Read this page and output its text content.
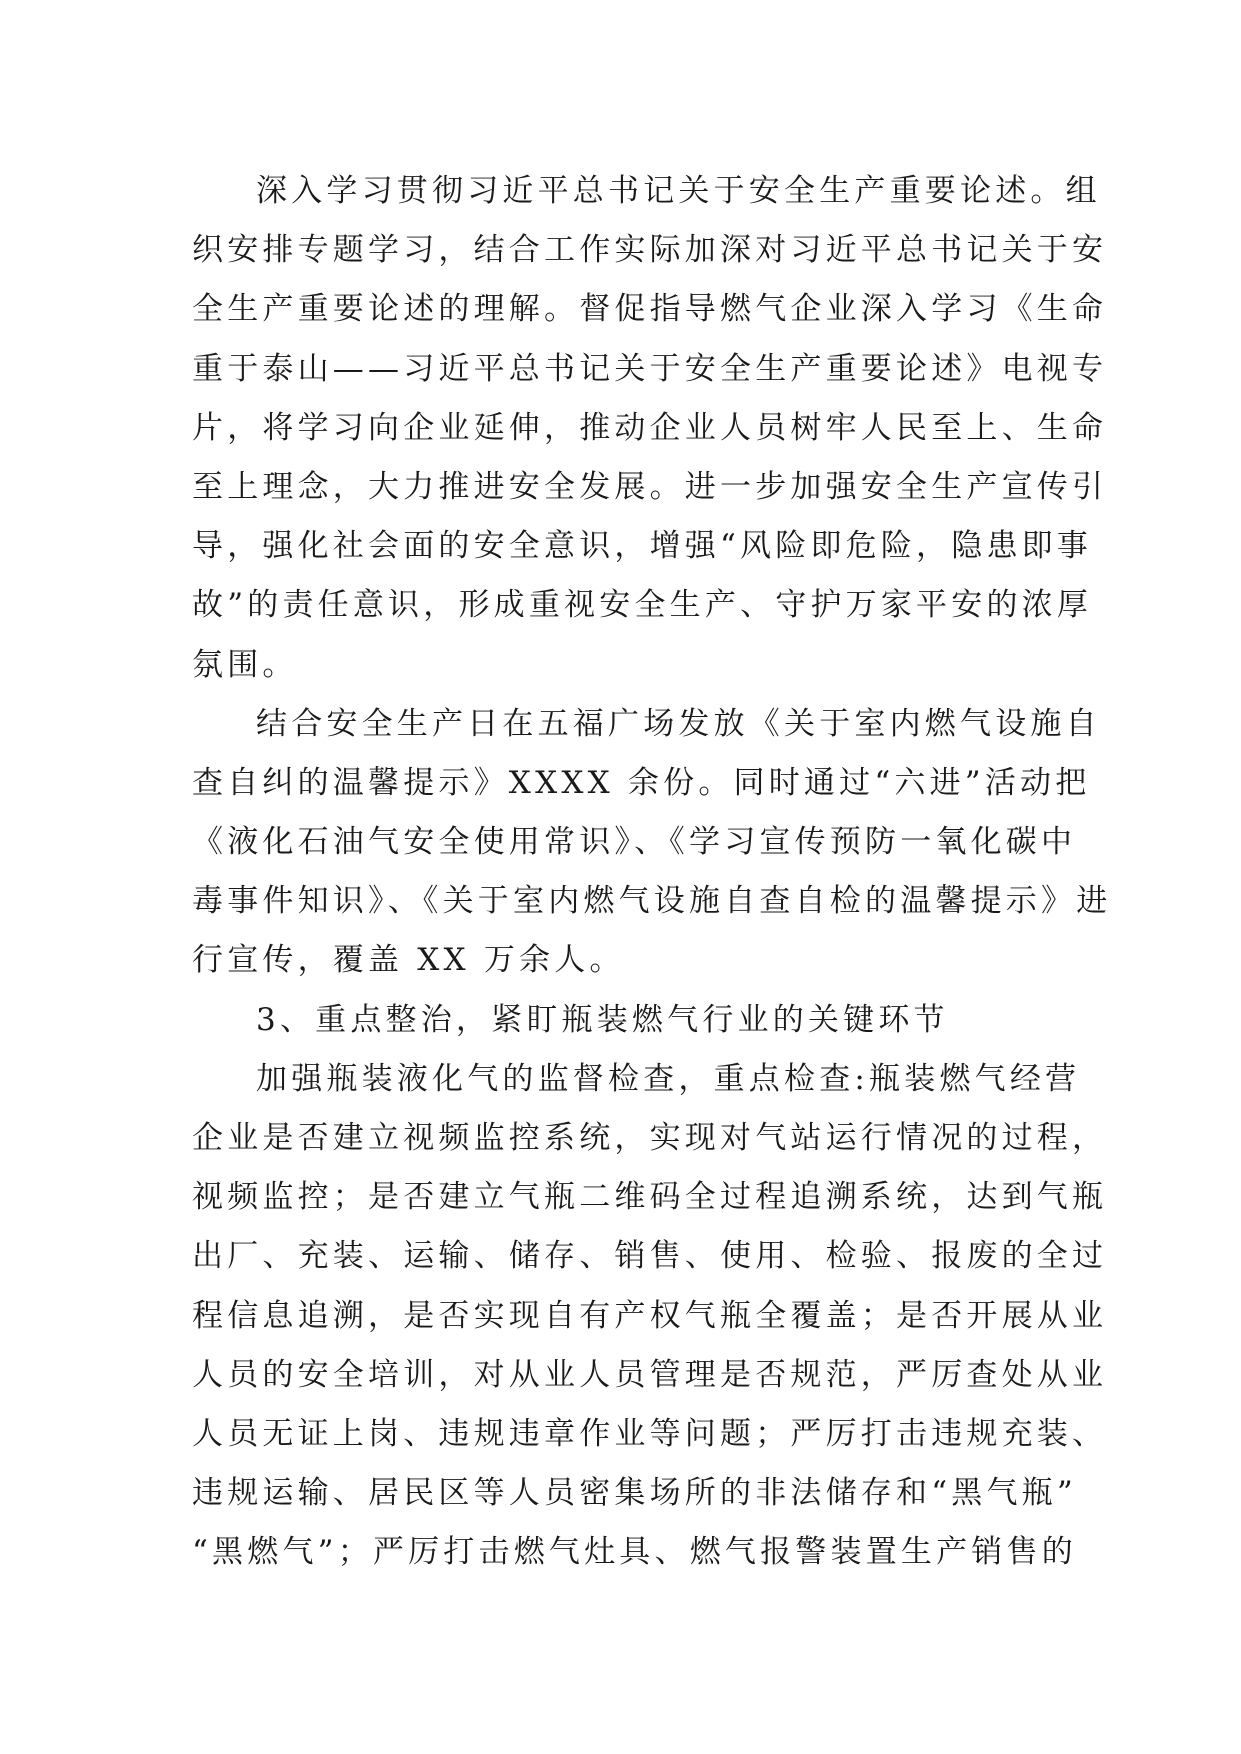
深入学习贯彻习近平总书记关于安全生产重要论述。组
织安排专题学习，结合工作实际加深对习近平总书记关于安
全生产重要论述的理解。督促指导燃气企业深入学习《生命
重于泰山——习近平总书记关于安全生产重要论述》电视专
片，将学习向企业延伸，推动企业人员树牢人民至上、生命
至上理念，大力推进安全发展。进一步加强安全生产宣传引
导，强化社会面的安全意识，增强“风险即危险，隐患即事
故”的责任意识，形成重视安全生产、守护万家平安的浓厚
氛围。
结合安全生产日在五福广场发放《关于室内燃气设施自
查自纠的温馨提示》XXXX 余份。同时通过“六进”活动把
《液化石油气安全使用常识》、《学习宣传预防一氧化碳中
毒事件知识》、《关于室内燃气设施自查自检的温馨提示》进
行宣传，覆盖 XX 万余人。
3、重点整治，紧盯瓶装燃气行业的关键环节
加强瓶装液化气的监督检查，重点检查:瓶装燃气经营
企业是否建立视频监控系统，实现对气站运行情况的过程，
视频监控；是否建立气瓶二维码全过程追溯系统，达到气瓶
出厂、充装、运输、储存、销售、使用、检验、报废的全过
程信息追溯，是否实现自有产权气瓶全覆盖；是否开展从业
人员的安全培训，对从业人员管理是否规范，严厉查处从业
人员无证上岗、违规违章作业等问题；严厉打击违规充装、
违规运输、居民区等人员密集场所的非法储存和“黑气瓶”
“黑燃气”；严厉打击燃气灶具、燃气报警装置生产销售的
